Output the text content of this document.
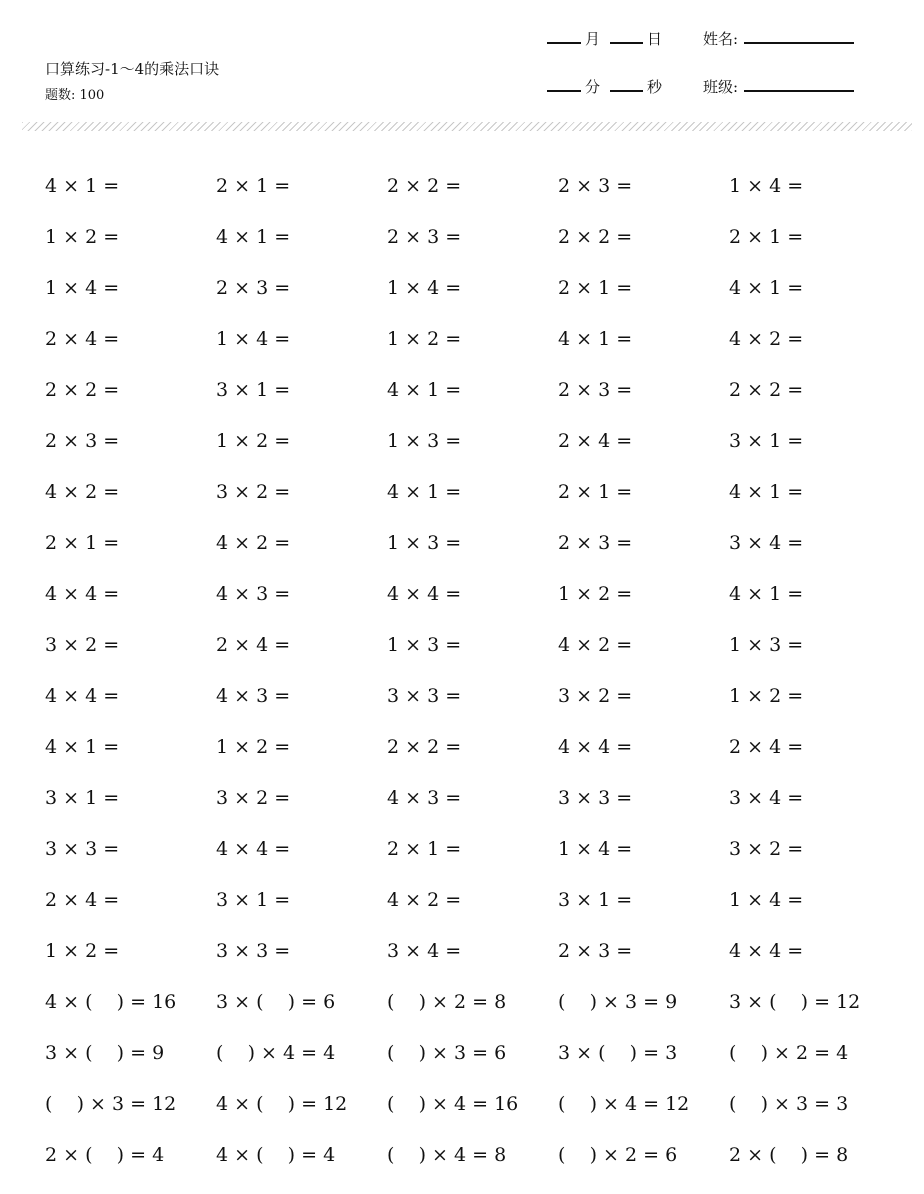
口算练习-1～4的乘法口诀
题数: 100
月	日	姓名:
分	秒	班级:
4 × 1 =	2 × 1 =	2 × 2 =	2 × 3 =	1 × 4 =
1 × 2 =	4 × 1 =	2 × 3 =	2 × 2 =	2 × 1 =
1 × 4 =	2 × 3 =	1 × 4 =	2 × 1 =	4 × 1 =
2 × 4 =	1 × 4 =	1 × 2 =	4 × 1 =	4 × 2 =
2 × 2 =	3 × 1 =	4 × 1 =	2 × 3 =	2 × 2 =
2 × 3 =	1 × 2 =	1 × 3 =	2 × 4 =	3 × 1 =
4 × 2 =	3 × 2 =	4 × 1 =	2 × 1 =	4 × 1 =
2 × 1 =	4 × 2 =	1 × 3 =	2 × 3 =	3 × 4 =
4 × 4 =	4 × 3 =	4 × 4 =	1 × 2 =	4 × 1 =
3 × 2 =	2 × 4 =	1 × 3 =	4 × 2 =	1 × 3 =
4 × 4 =	4 × 3 =	3 × 3 =	3 × 2 =	1 × 2 =
4 × 1 =	1 × 2 =	2 × 2 =	4 × 4 =	2 × 4 =
3 × 1 =	3 × 2 =	4 × 3 =	3 × 3 =	3 × 4 =
3 × 3 =	4 × 4 =	2 × 1 =	1 × 4 =	3 × 2 =
2 × 4 =	3 × 1 =	4 × 2 =	3 × 1 =	1 × 4 =
1 × 2 =	3 × 3 =	3 × 4 =	2 × 3 =	4 × 4 =
4 × (    ) = 16	3 × (    ) = 6	(    ) × 2 = 8	(    ) × 3 = 9	3 × (    ) = 12
3 × (    ) = 9	(    ) × 4 = 4	(    ) × 3 = 6	3 × (    ) = 3	(    ) × 2 = 4
(    ) × 3 = 12	4 × (    ) = 12	(    ) × 4 = 16	(    ) × 4 = 12	(    ) × 3 = 3
2 × (    ) = 4	4 × (    ) = 4	(    ) × 4 = 8	(    ) × 2 = 6	2 × (    ) = 8
